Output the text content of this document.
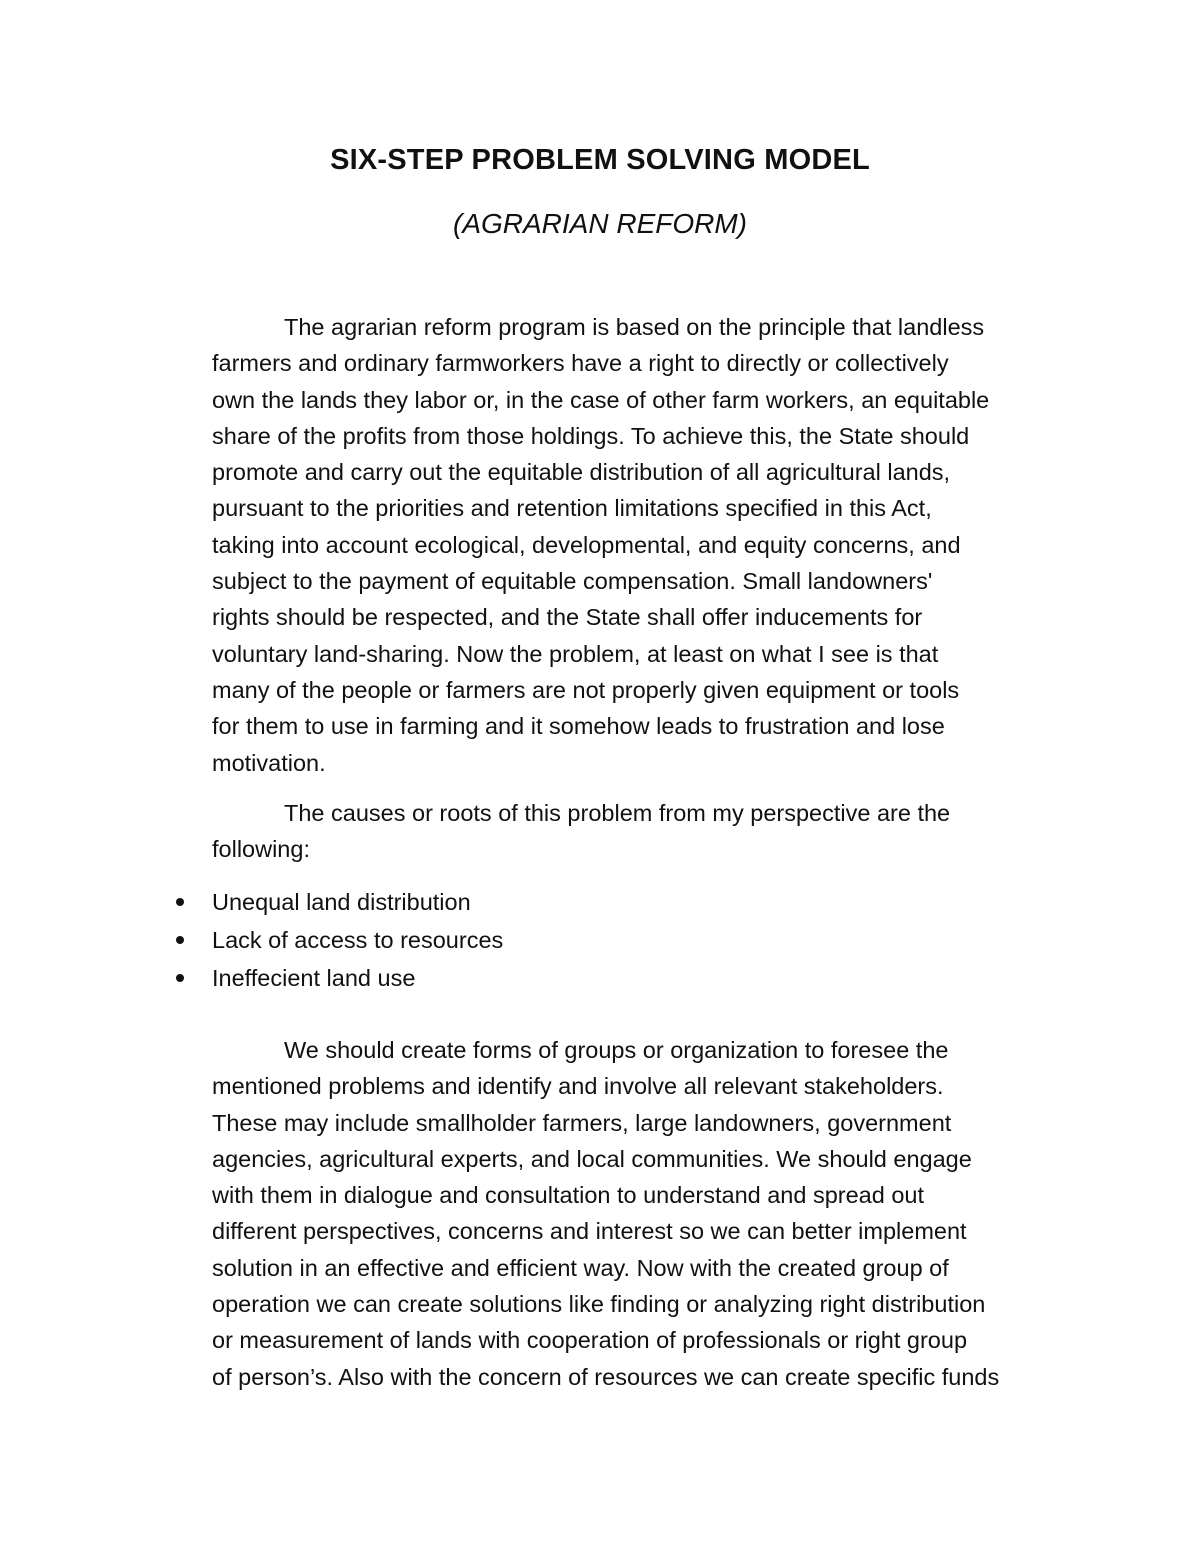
SIX-STEP PROBLEM SOLVING MODEL
(AGRARIAN REFORM)

The agrarian reform program is based on the principle that landless
farmers and ordinary farmworkers have a right to directly or collectively
own the lands they labor or, in the case of other farm workers, an equitable
share of the profits from those holdings. To achieve this, the State should
promote and carry out the equitable distribution of all agricultural lands,
pursuant to the priorities and retention limitations specified in this Act,
taking into account ecological, developmental, and equity concerns, and
subject to the payment of equitable compensation. Small landowners'
rights should be respected, and the State shall offer inducements for
voluntary land-sharing. Now the problem, at least on what I see is that
many of the people or farmers are not properly given equipment or tools
for them to use in farming and it somehow leads to frustration and lose
motivation.

The causes or roots of this problem from my perspective are the
following:

Unequal land distribution
Lack of access to resources
Ineffecient land use

We should create forms of groups or organization to foresee the
mentioned problems and identify and involve all relevant stakeholders.
These may include smallholder farmers, large landowners, government
agencies, agricultural experts, and local communities. We should engage
with them in dialogue and consultation to understand and spread out
different perspectives, concerns and interest so we can better implement
solution in an effective and efficient way. Now with the created group of
operation we can create solutions like finding or analyzing right distribution
or measurement of lands with cooperation of professionals or right group
of person’s. Also with the concern of resources we can create specific funds
